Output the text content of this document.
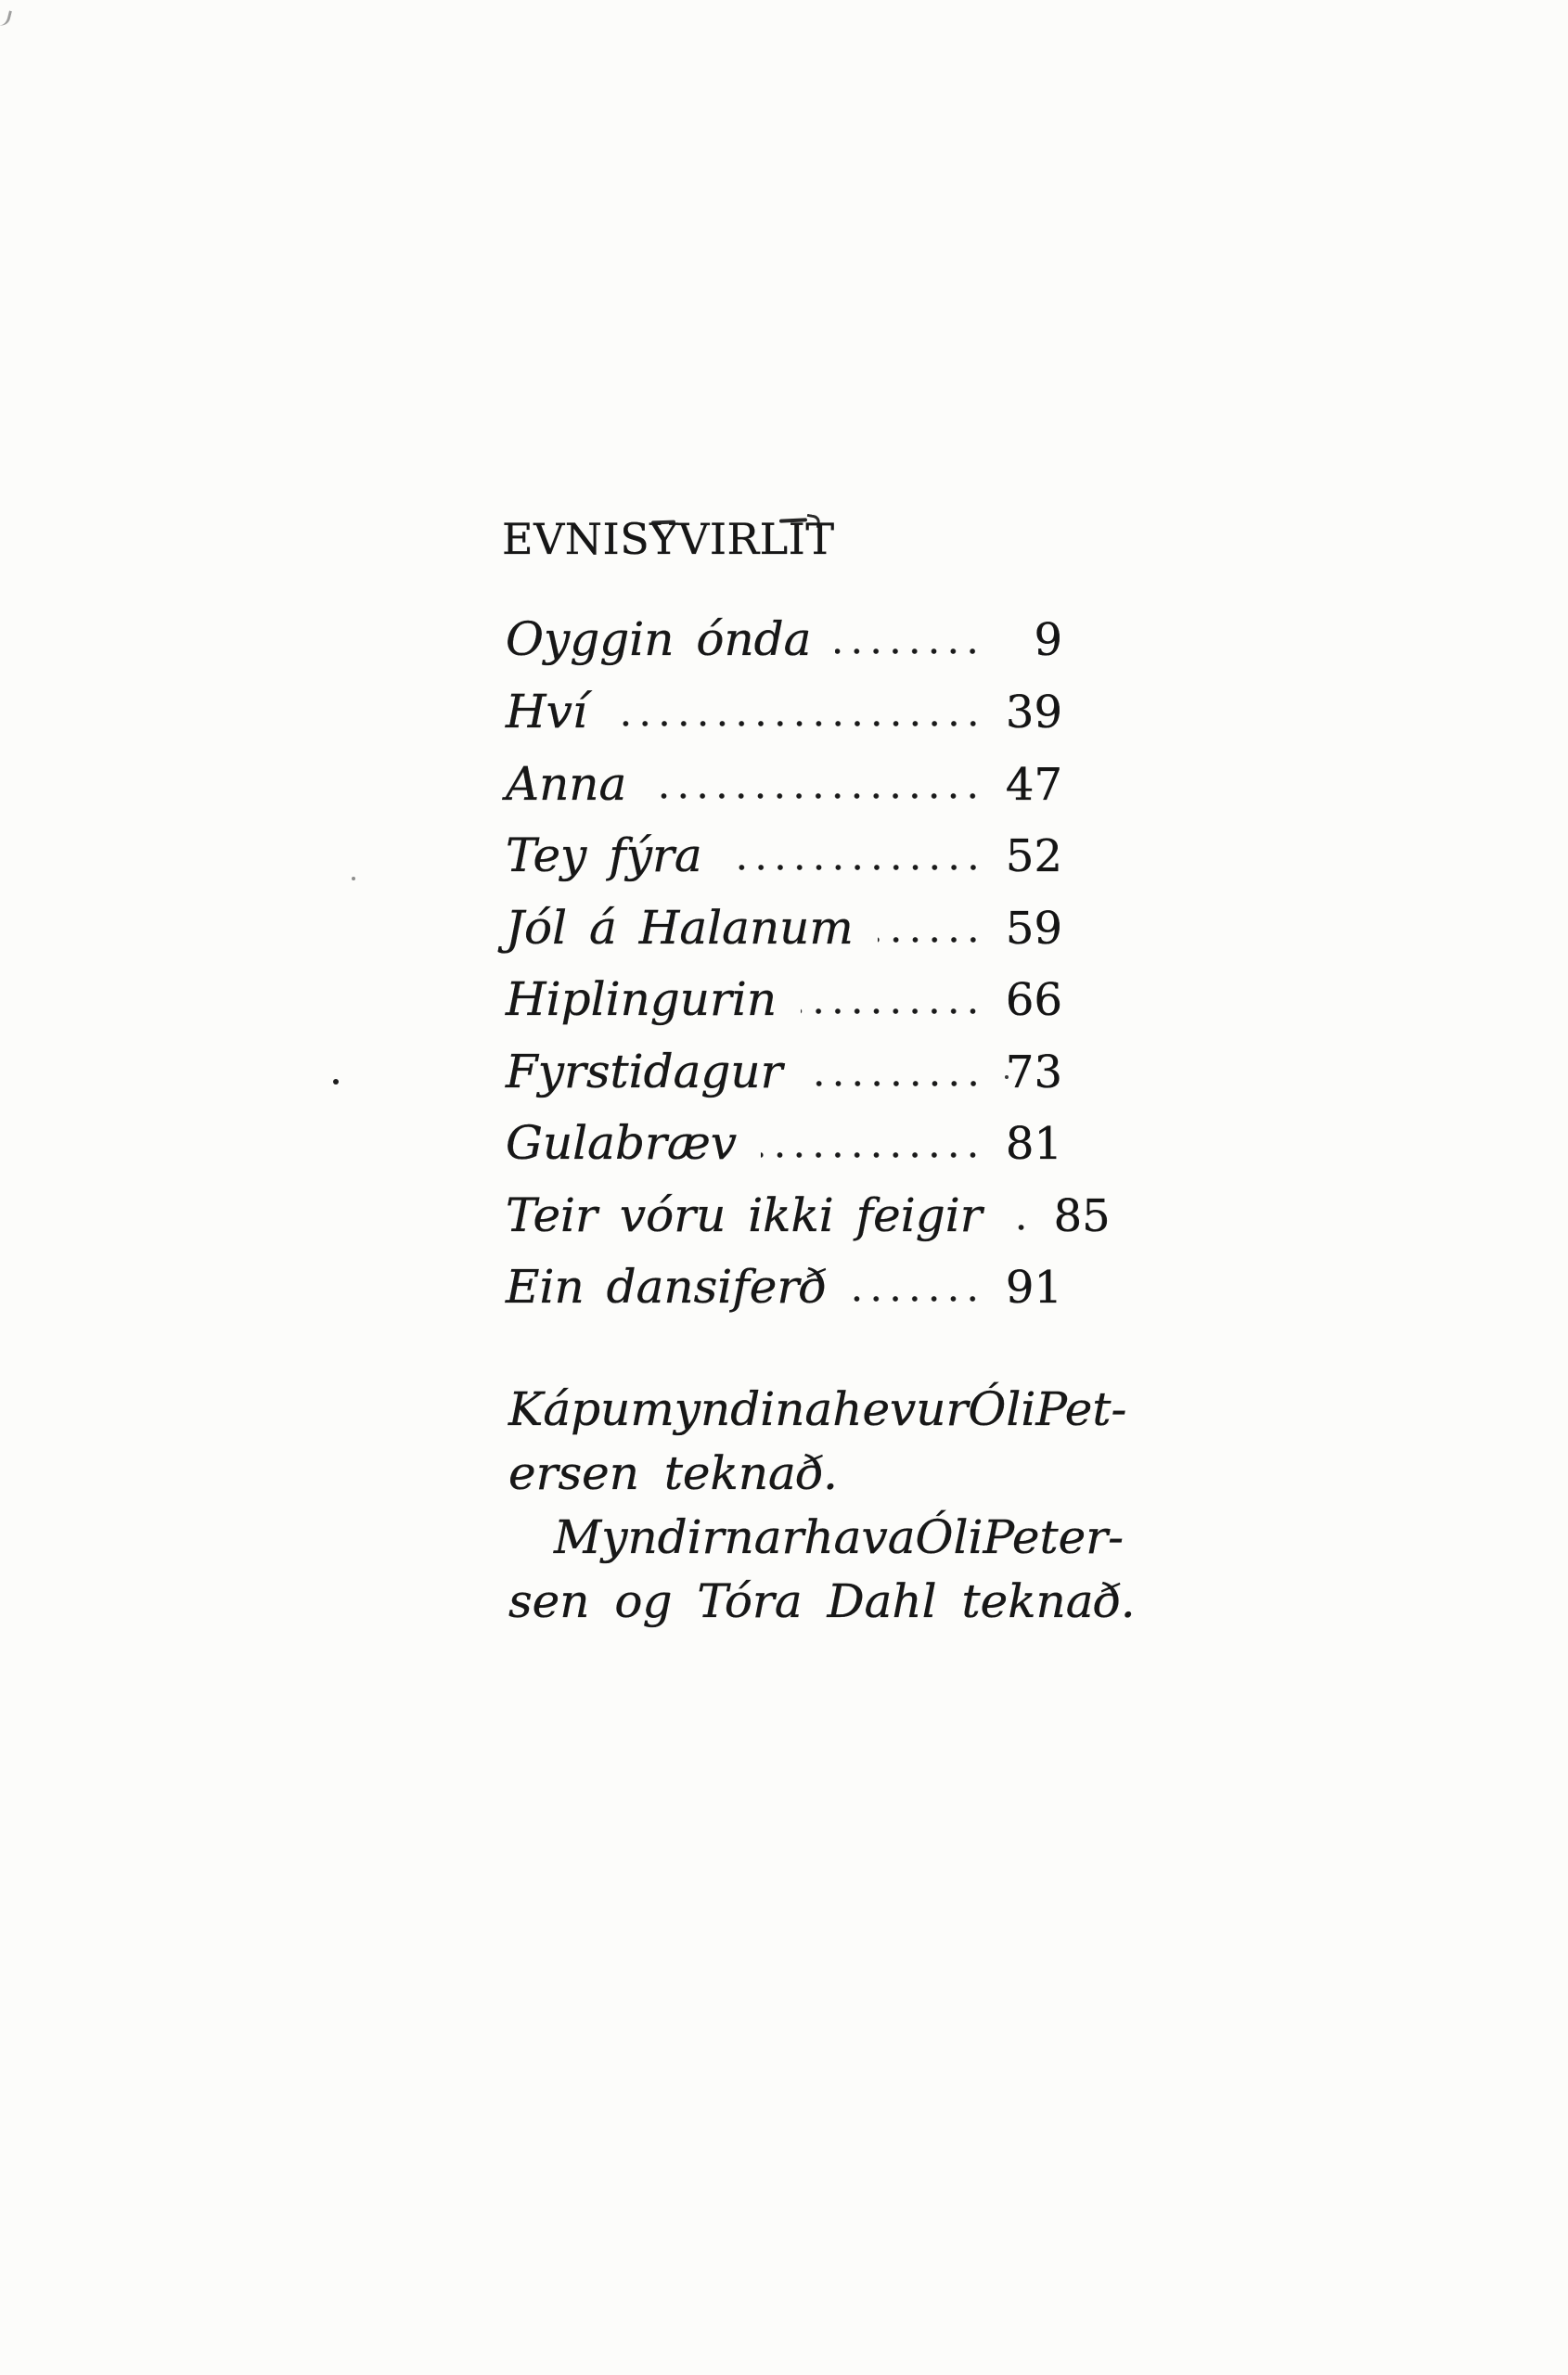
EVNISYVIRLIT
Oyggin ónda	9
Hví	39
Anna	47
Tey fýra	52
Jól á Halanum	59
Hiplingurin	66
Fyrstidagur	73
Gulabræv	81
Teir vóru ikki feigir 85
Ein dansiferð	91
Kápumyndina hevur Óli Pet-
ersen teknað.
Myndirnar hava Óli Peter-
sen og Tóra Dahl teknað.
